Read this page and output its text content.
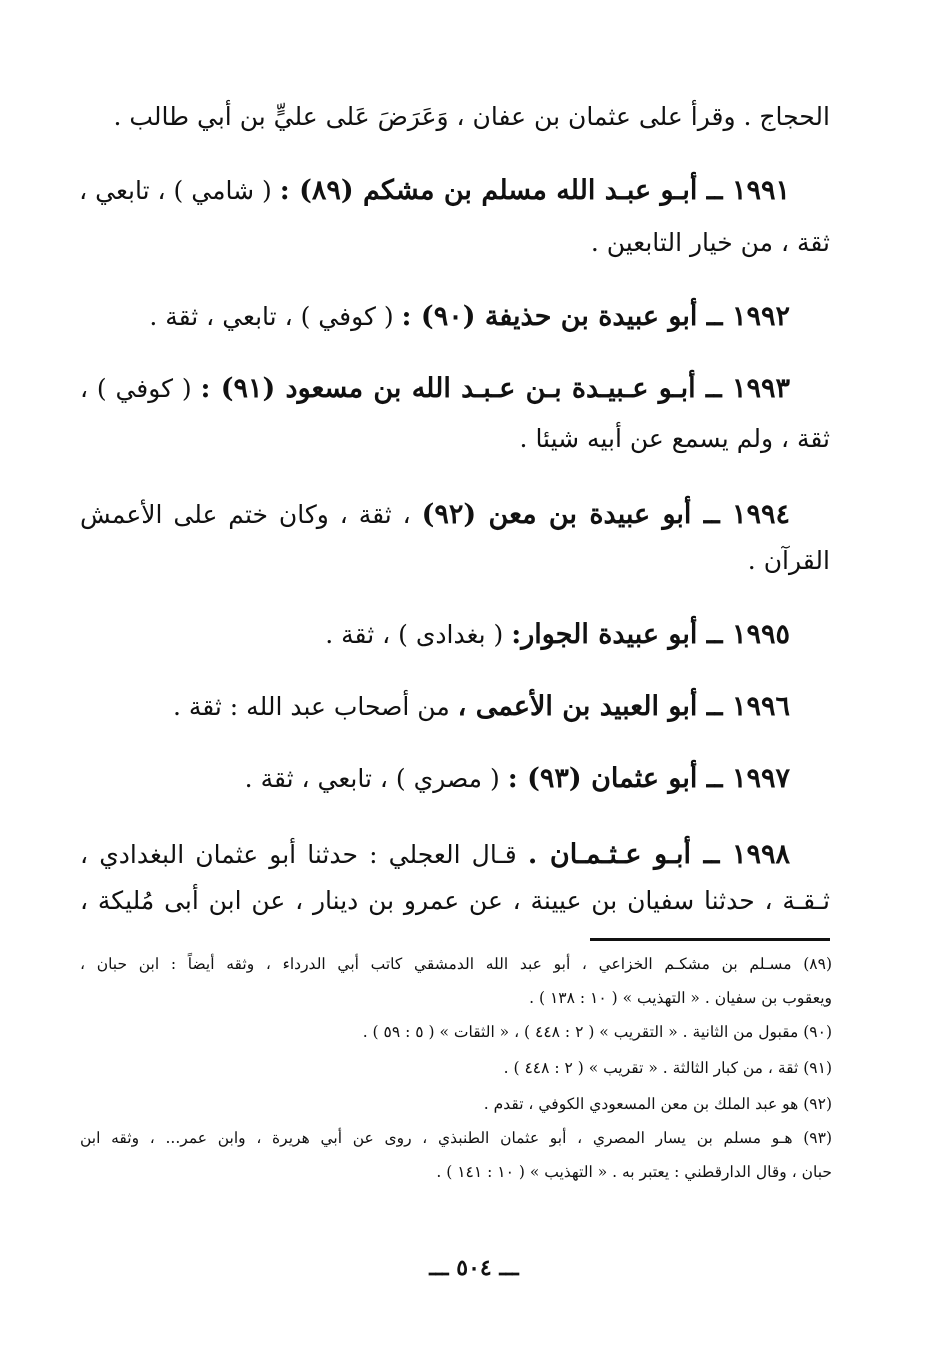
الحجاج . وقرأ على عثمان بن عفان ، وَعَرَضَ عَلى عليٍّ بن أبي طالب .
١٩٩١ ــ أبـو عبـد الله مسلم بن مشكم (٨٩) : ( شامي ) ، تابعي ،
ثقة ، من خيار التابعين .
١٩٩٢ ــ أبو عبيدة بن حذيفة (٩٠) : ( كوفي ) ، تابعي ، ثقة .
١٩٩٣ ــ أبـو عـبيـدة بـن عـبـد الله بن مسعود (٩١) : ( كوفي ) ،
ثقة ، ولم يسمع عن أبيه شيئا .
١٩٩٤ ــ أبو عبيدة بن معن (٩٢) ، ثقة ، وكان ختم على الأعمش
القرآن .
١٩٩٥ ــ أبو عبيدة الجوار: ( بغدادى ) ، ثقة .
١٩٩٦ ــ أبو العبيد بن الأعمى ، من أصحاب عبد الله : ثقة .
١٩٩٧ ــ أبو عثمان (٩٣) : ( مصري ) ، تابعي ، ثقة .
١٩٩٨ ــ أبـو عـثـمـان . قـال العجلي : حدثنا أبو عثمان البغدادي ،
ثـقـة ، حدثنا سفيان بن عيينة ، عن عمرو بن دينار ، عن ابن أبى مُليكة ،
(٨٩) مسـلم بن مشكـم الخزاعي ، أبو عبد الله الدمشقي كاتب أبي الدرداء ، وثقه أيضاً : ابن حبان ،
ويعقوب بن سفيان . « التهذيب » ( ١٠ : ١٣٨ ) .
(٩٠) مقبول من الثانية . « التقريب » ( ٢ : ٤٤٨ ) ، « الثقات » ( ٥ : ٥٩ ) .
(٩١) ثقة ، من كبار الثالثة . « تقريب » ( ٢ : ٤٤٨ ) .
(٩٢) هو عبد الملك بن معن المسعودي الكوفي ، تقدم .
(٩٣) هـو مسلم بن يسار المصري ، أبو عثمان الطنبذي ، روى عن أبي هريرة ، وابن عمر... ، وثقه ابن
حبان ، وقال الدارقطني : يعتبر به . « التهذيب » ( ١٠ : ١٤١ ) .
ـــ ٥٠٤ ـــ
